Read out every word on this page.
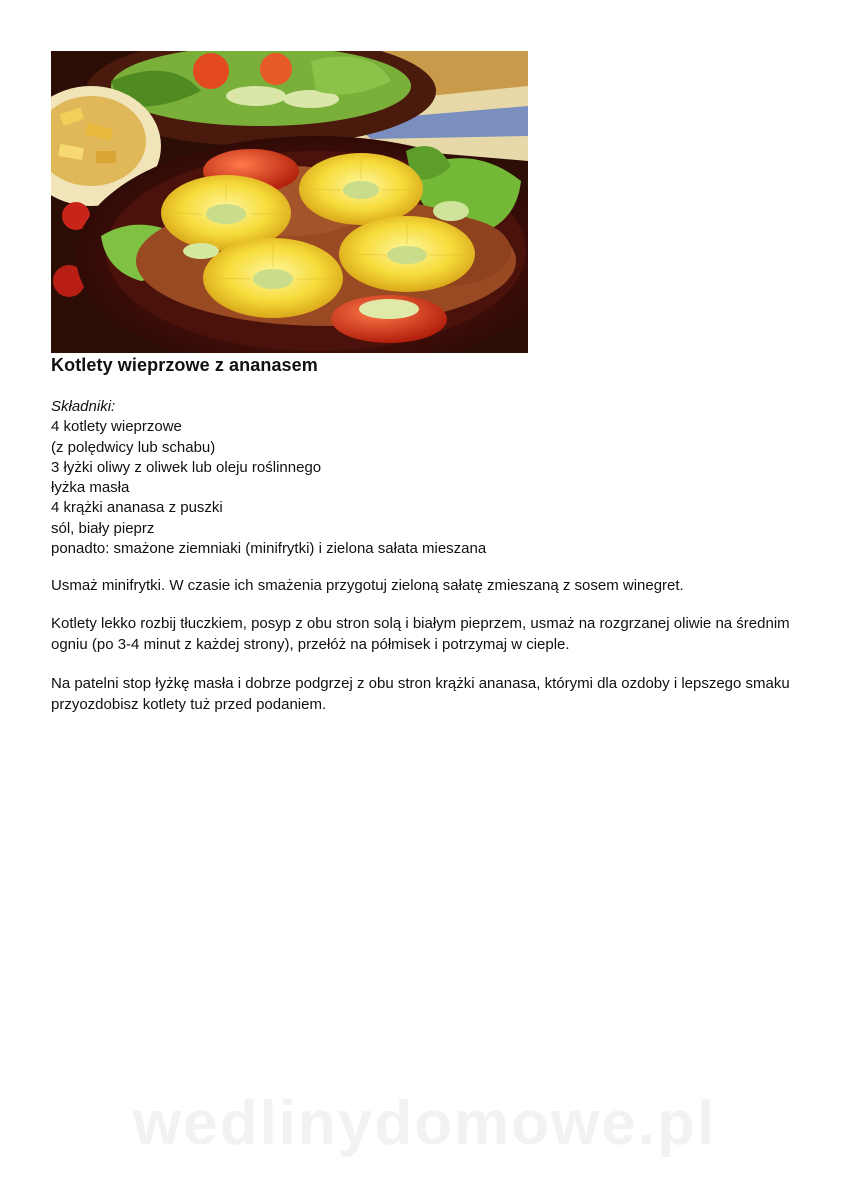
Kotlety wieprzowe z ananasem
Składniki:
4 kotlety wieprzowe
(z polędwicy lub schabu)
3 łyżki oliwy z oliwek lub oleju roślinnego
łyżka masła
4 krążki ananasa z puszki
sól, biały pieprz
ponadto: smażone ziemniaki (minifrytki) i zielona sałata mieszana
Usmaż minifrytki. W czasie ich smażenia przygotuj zieloną sałatę zmieszaną z sosem winegret.
Kotlety lekko rozbij tłuczkiem, posyp z obu stron solą i białym pieprzem, usmaż na rozgrzanej oliwie na średnim ogniu (po 3-4 minut z każdej strony), przełóż na półmisek i potrzymaj w cieple.
Na patelni stop łyżkę masła i dobrze podgrzej z obu stron krążki ananasa, którymi dla ozdoby i lepszego smaku przyozdobisz kotlety tuż przed podaniem.
wedlinydomowe.pl
